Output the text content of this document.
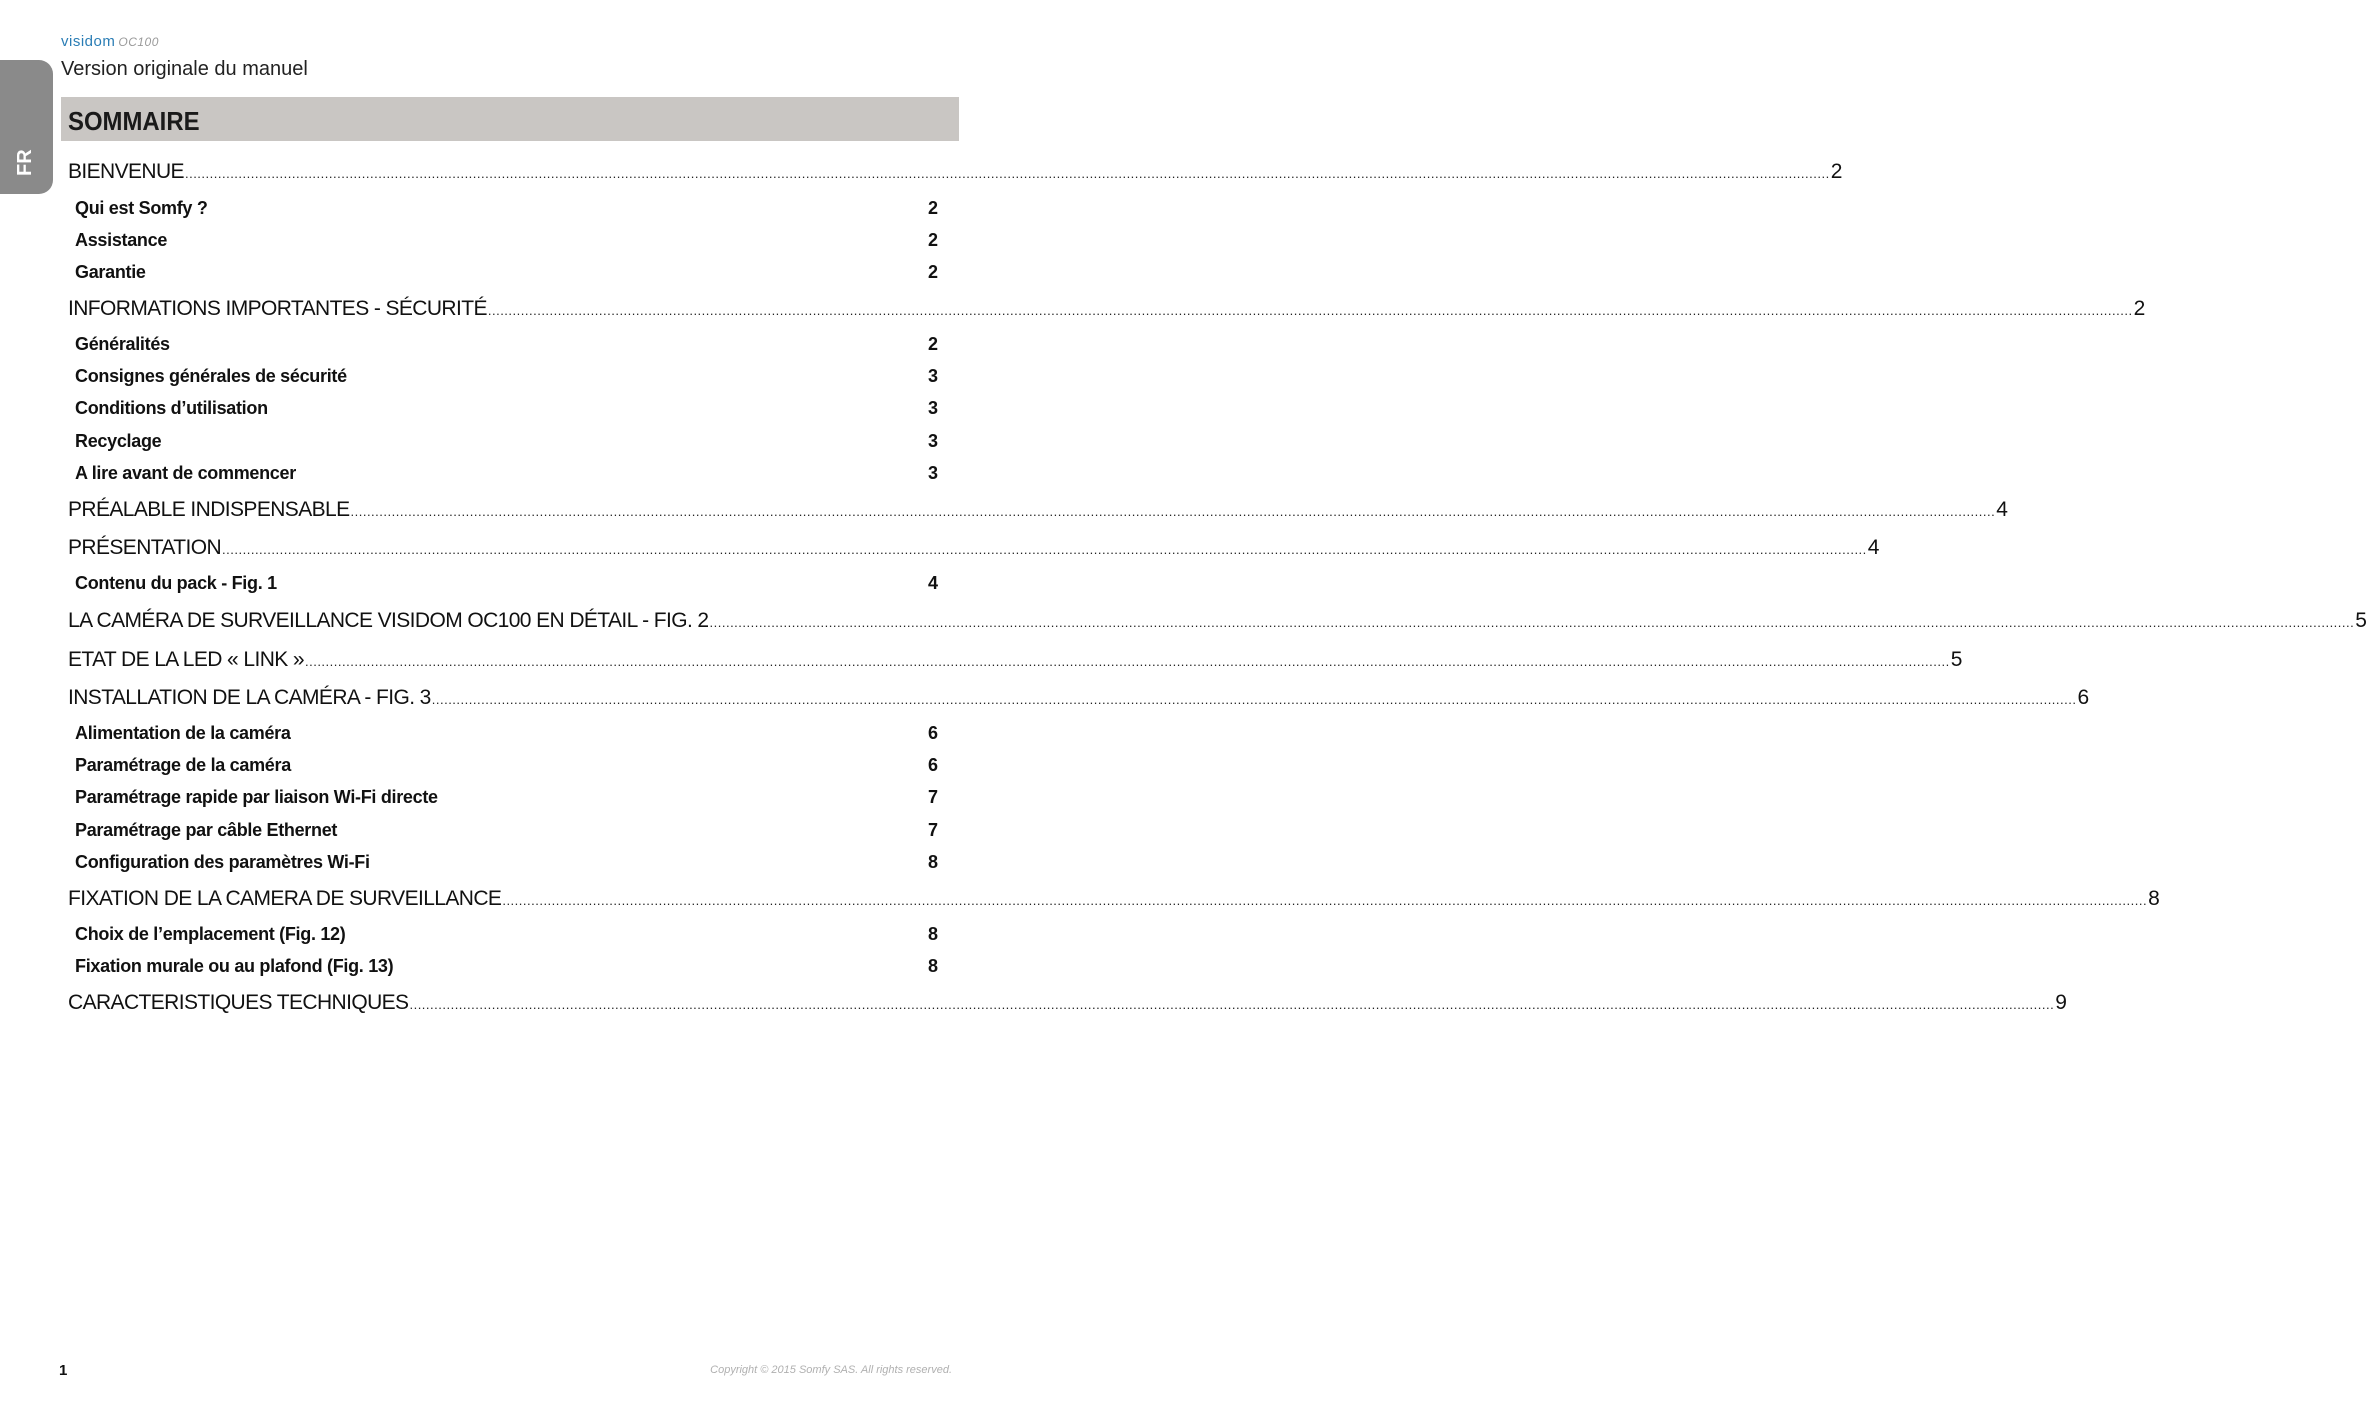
visidom OC100
Version originale du manuel
FR
SOMMAIRE
BIENVENUE ................................................................................................................................................................................................................................................................................................................................................................................................................ 2
Qui est Somfy ?	2
Assistance	2
Garantie	2
INFORMATIONS IMPORTANTES - SÉCURITÉ ................................................................................................................................................................................................................................................................................................................................................................................................................ 2
Généralités	2
Consignes générales de sécurité	3
Conditions d’utilisation	3
Recyclage	3
A lire avant de commencer	3
PRÉALABLE INDISPENSABLE ................................................................................................................................................................................................................................................................................................................................................................................................................ 4
PRÉSENTATION ................................................................................................................................................................................................................................................................................................................................................................................................................ 4
Contenu du pack - Fig. 1	4
LA CAMÉRA DE SURVEILLANCE VISIDOM OC100 EN DÉTAIL - FIG. 2 ................................................................................................................................................................................................................................................................................................................................................................................................................ 5
ETAT DE LA LED « LINK » ................................................................................................................................................................................................................................................................................................................................................................................................................ 5
INSTALLATION DE LA CAMÉRA - FIG. 3 ................................................................................................................................................................................................................................................................................................................................................................................................................ 6
Alimentation de la caméra	6
Paramétrage de la caméra	6
Paramétrage rapide par liaison Wi-Fi directe	7
Paramétrage par câble Ethernet	7
Configuration des paramètres Wi-Fi	8
FIXATION DE LA CAMERA DE SURVEILLANCE ................................................................................................................................................................................................................................................................................................................................................................................................................ 8
Choix de l’emplacement (Fig. 12)	8
Fixation murale ou au plafond (Fig. 13)	8
CARACTERISTIQUES TECHNIQUES ................................................................................................................................................................................................................................................................................................................................................................................................................ 9
1	Copyright © 2015 Somfy SAS. All rights reserved.
